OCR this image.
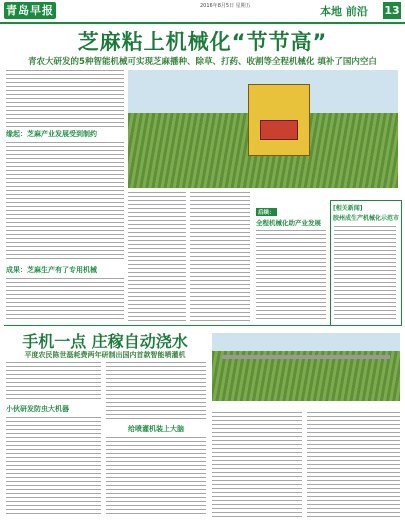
青岛早报	2016年8月5日 星期五	本地 前沿 13
芝麻粘上机械化“节节高”
青农大研发的5种智能机械可实现芝麻播种、除草、打药、收割等全程机械化 填补了国内空白
缘起：芝麻产业发展受到制约
成果：芝麻生产有了专用机械
后续：
全程机械化助产业发展
[相关新闻]
胶州成生产机械化示范市
手机一点 庄稼自动浇水
平度农民陈世磊耗费两年研制出国内首款智能喷灌机
小伙研发防虫大机器
给喷灌机装上大脑
